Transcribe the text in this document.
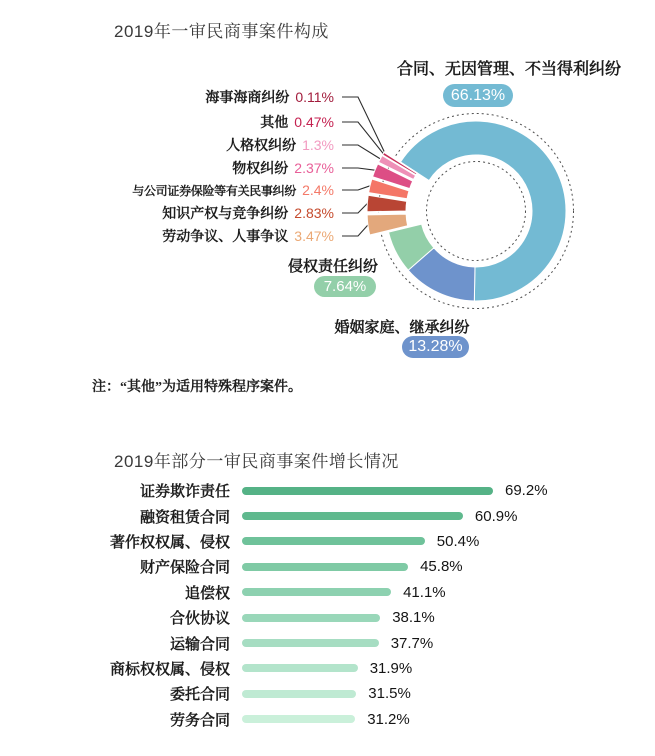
2019年一审民商事案件构成
合同、无因管理、不当得利纠纷
66.13%
侵权责任纠纷
7.64%
婚姻家庭、继承纠纷
13.28%
海事海商纠纷 0.11%
其他 0.47%
人格权纠纷 1.3%
物权纠纷 2.37%
与公司证券保险等有关民事纠纷 2.4%
知识产权与竞争纠纷 2.83%
劳动争议、人事争议 3.47%
注：“其他”为适用特殊程序案件。
2019年部分一审民商事案件增长情况
证券欺诈责任	69.2%
融资租赁合同	60.9%
著作权权属、侵权	50.4%
财产保险合同	45.8%
追偿权	41.1%
合伙协议	38.1%
运输合同	37.7%
商标权权属、侵权	31.9%
委托合同	31.5%
劳务合同	31.2%
